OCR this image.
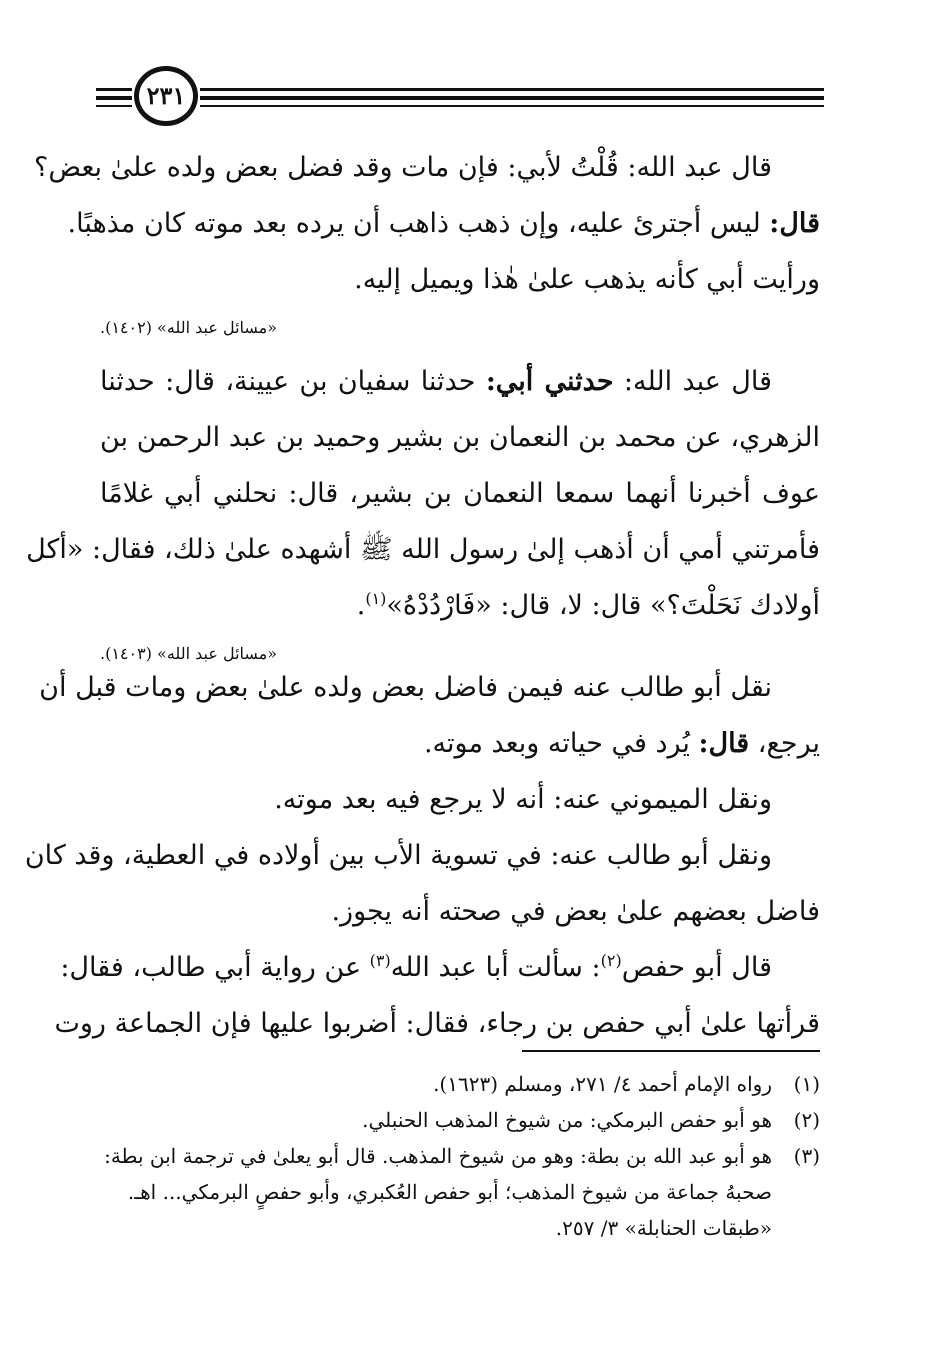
٢٣١
قال عبد الله: قُلْتُ لأبي: فإن مات وقد فضل بعض ولده علىٰ بعض؟
قال: ليس أجترئ عليه، وإن ذهب ذاهب أن يرده بعد موته كان مذهبًا.
ورأيت أبي كأنه يذهب علىٰ هٰذا ويميل إليه.
«مسائل عبد الله» (١٤٠٢).
قال عبد الله: حدثني أبي: حدثنا سفيان بن عيينة، قال: حدثنا
الزهري، عن محمد بن النعمان بن بشير وحميد بن عبد الرحمن بن
عوف أخبرنا أنهما سمعا النعمان بن بشير، قال: نحلني أبي غلامًا
فأمرتني أمي أن أذهب إلىٰ رسول الله ﷺ أشهده علىٰ ذلك، فقال: «أكل
أولادك نَحَلْتَ؟» قال: لا، قال: «فَارْدُدْهُ»$^{(١)}$.
«مسائل عبد الله» (١٤٠٣).
نقل أبو طالب عنه فيمن فاضل بعض ولده علىٰ بعض ومات قبل أن
يرجع، قال: يُرد في حياته وبعد موته.
ونقل الميموني عنه: أنه لا يرجع فيه بعد موته.
ونقل أبو طالب عنه: في تسوية الأب بين أولاده في العطية، وقد كان
فاضل بعضهم علىٰ بعض في صحته أنه يجوز.
قال أبو حفص$^{(٢)}$: سألت أبا عبد الله$^{(٣)}$ عن رواية أبي طالب، فقال:
قرأتها علىٰ أبي حفص بن رجاء، فقال: أضربوا عليها فإن الجماعة روت
(١)
رواه الإمام أحمد ٤/ ٢٧١، ومسلم (١٦٢٣).
(٢)
هو أبو حفص البرمكي: من شيوخ المذهب الحنبلي.
(٣)
هو أبو عبد الله بن بطة: وهو من شيوخ المذهب. قال أبو يعلىٰ في ترجمة ابن بطة:
صحبهُ جماعة من شيوخ المذهب؛ أبو حفص العُكبري، وأبو حفصٍ البرمكي... اهـ.
«طبقات الحنابلة» ٣/ ٢٥٧.
